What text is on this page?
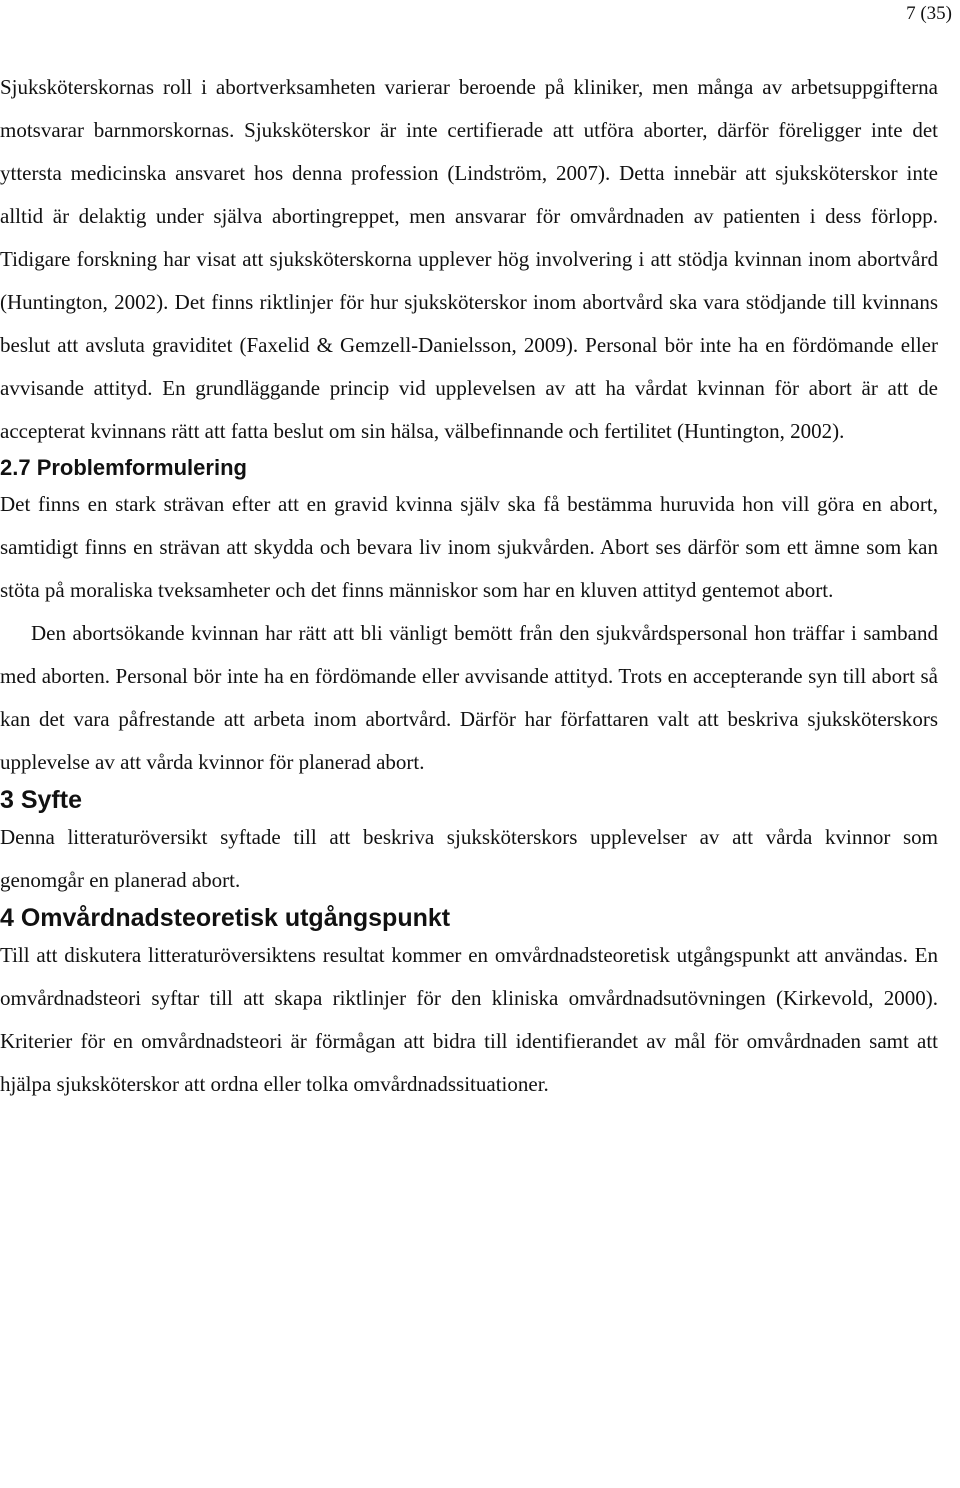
7 (35)

Sjuksköterskornas roll i abortverksamheten varierar beroende på kliniker, men många av arbetsuppgifterna motsvarar barnmorskornas. Sjuksköterskor är inte certifierade att utföra aborter, därför föreligger inte det yttersta medicinska ansvaret hos denna profession (Lindström, 2007). Detta innebär att sjuksköterskor inte alltid är delaktig under själva abortingreppet, men ansvarar för omvårdnaden av patienten i dess förlopp. Tidigare forskning har visat att sjuksköterskorna upplever hög involvering i att stödja kvinnan inom abortvård (Huntington, 2002). Det finns riktlinjer för hur sjuksköterskor inom abortvård ska vara stödjande till kvinnans beslut att avsluta graviditet (Faxelid & Gemzell-Danielsson, 2009). Personal bör inte ha en fördömande eller avvisande attityd. En grundläggande princip vid upplevelsen av att ha vårdat kvinnan för abort är att de accepterat kvinnans rätt att fatta beslut om sin hälsa, välbefinnande och fertilitet (Huntington, 2002).

2.7 Problemformulering

Det finns en stark strävan efter att en gravid kvinna själv ska få bestämma huruvida hon vill göra en abort, samtidigt finns en strävan att skydda och bevara liv inom sjukvården. Abort ses därför som ett ämne som kan stöta på moraliska tveksamheter och det finns människor som har en kluven attityd gentemot abort.

Den abortsökande kvinnan har rätt att bli vänligt bemött från den sjukvårdspersonal hon träffar i samband med aborten. Personal bör inte ha en fördömande eller avvisande attityd. Trots en accepterande syn till abort så kan det vara påfrestande att arbeta inom abortvård. Därför har författaren valt att beskriva sjuksköterskors upplevelse av att vårda kvinnor för planerad abort.

3 Syfte

Denna litteraturöversikt syftade till att beskriva sjuksköterskors upplevelser av att vårda kvinnor som genomgår en planerad abort.

4 Omvårdnadsteoretisk utgångspunkt

Till att diskutera litteraturöversiktens resultat kommer en omvårdnadsteoretisk utgångspunkt att användas. En omvårdnadsteori syftar till att skapa riktlinjer för den kliniska omvårdnadsutövningen (Kirkevold, 2000). Kriterier för en omvårdnadsteori är förmågan att bidra till identifierandet av mål för omvårdnaden samt att hjälpa sjuksköterskor att ordna eller tolka omvårdnadssituationer.
